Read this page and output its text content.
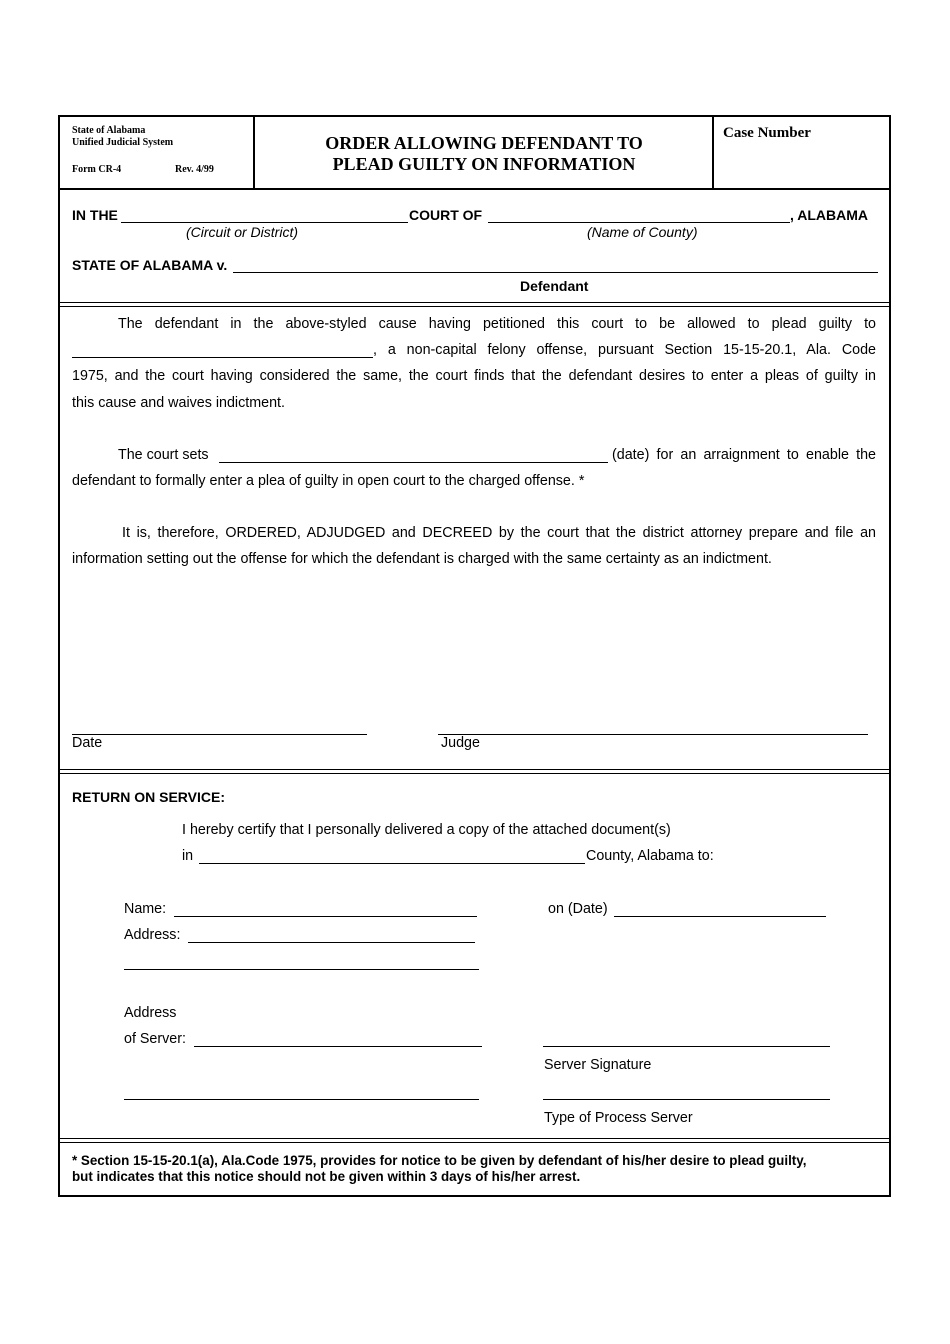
State of Alabama
Unified Judicial System
Form CR-4	Rev. 4/99
ORDER ALLOWING DEFENDANT TO
PLEAD GUILTY ON INFORMATION
Case Number
IN THE	COURT OF	, ALABAMA
(Circuit or District)	(Name of County)
STATE OF ALABAMA v.
Defendant
The defendant in the above-styled cause having petitioned this court to be allowed to plead guilty to
, a non-capital felony offense, pursuant Section 15-15-20.1, Ala. Code
1975, and the court having considered the same, the court finds that the defendant desires to enter a pleas of guilty in
this cause and waives indictment.
The court sets	(date) for an arraignment to enable the
defendant to formally enter a plea of guilty in open court to the charged offense. *
It is, therefore, ORDERED, ADJUDGED and DECREED by the court that the district attorney prepare and file an
information setting out the offense for which the defendant is charged with the same certainty as an indictment.
Date	Judge
RETURN ON SERVICE:
I hereby certify that I personally delivered a copy of the attached document(s)
in	County, Alabama to:
Name:	on (Date)
Address:
Address
of Server:
Server Signature
Type of Process Server
* Section 15-15-20.1(a), Ala.Code 1975, provides for notice to be given by defendant of his/her desire to plead guilty,
but indicates that this notice should not be given within 3 days of his/her arrest.
